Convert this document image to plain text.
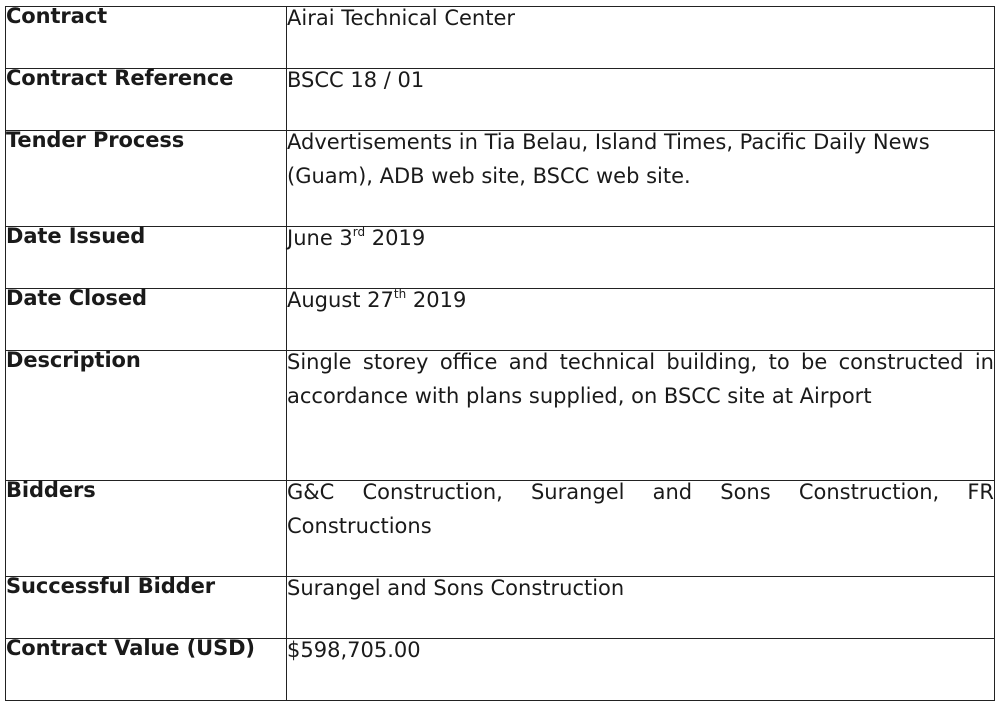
Contract	Airai Technical Center

Contract Reference	BSCC 18 / 01

Tender Process	Advertisements in Tia Belau, Island Times, Pacific Daily News (Guam), ADB web site, BSCC web site.

Date Issued	June 3rd 2019

Date Closed	August 27th 2019

Description	Single storey office and technical building, to be constructed in accordance with plans supplied, on BSCC site at Airport

Bidders	G&C Construction, Surangel and Sons Construction, FR Constructions

Successful Bidder	Surangel and Sons Construction

Contract Value (USD)	$598,705.00
